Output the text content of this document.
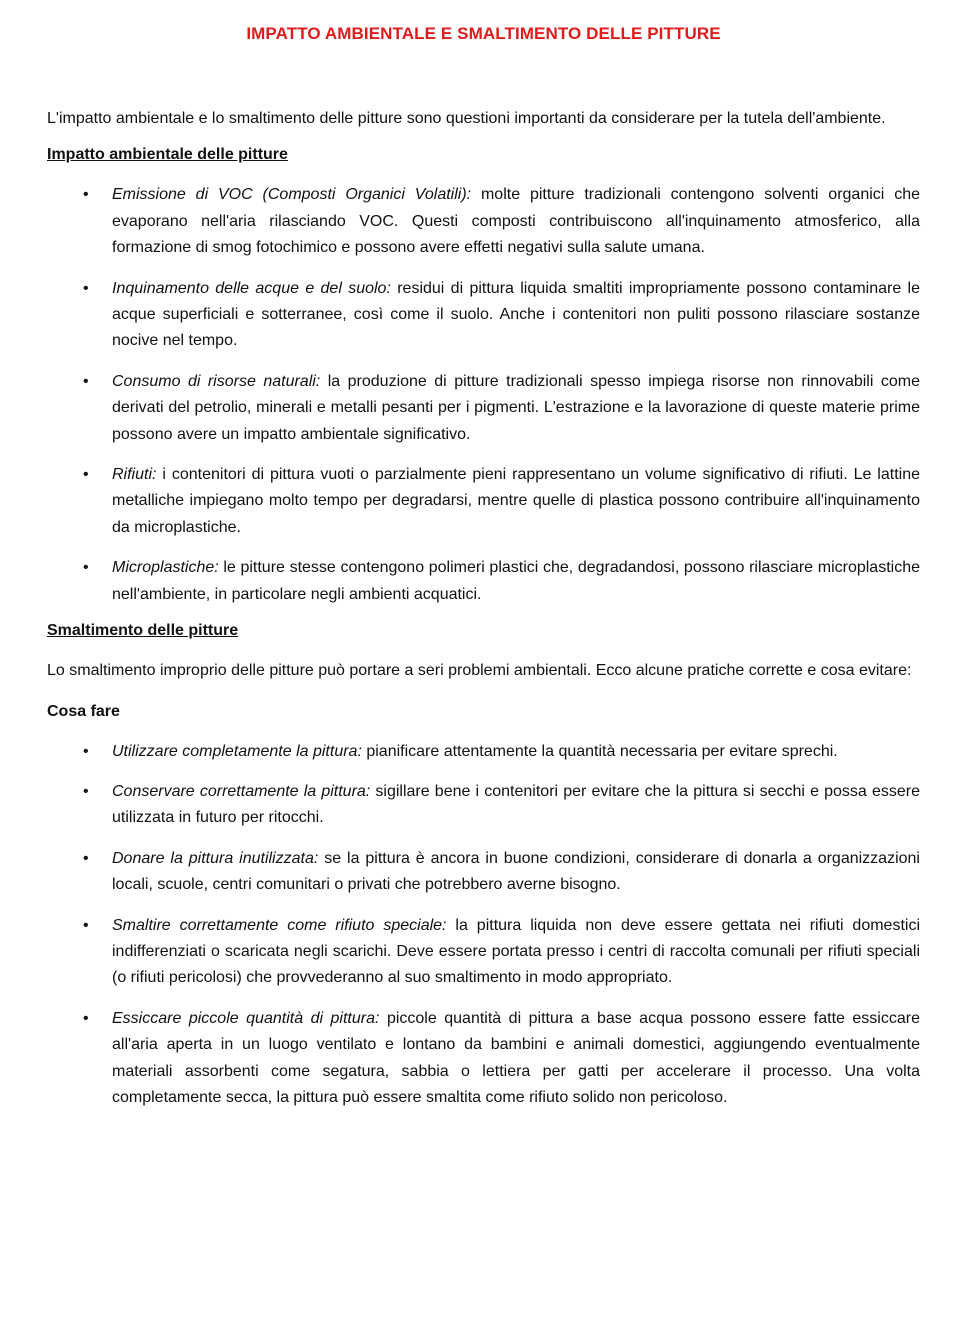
IMPATTO AMBIENTALE E SMALTIMENTO DELLE PITTURE

L'impatto ambientale e lo smaltimento delle pitture sono questioni importanti da considerare per la tutela dell'ambiente.

Impatto ambientale delle pitture
• Emissione di VOC (Composti Organici Volatili): molte pitture tradizionali contengono solventi organici che evaporano nell'aria rilasciando VOC. Questi composti contribuiscono all'inquinamento atmosferico, alla formazione di smog fotochimico e possono avere effetti negativi sulla salute umana.
• Inquinamento delle acque e del suolo: residui di pittura liquida smaltiti impropriamente possono contaminare le acque superficiali e sotterranee, così come il suolo. Anche i contenitori non puliti possono rilasciare sostanze nocive nel tempo.
• Consumo di risorse naturali: la produzione di pitture tradizionali spesso impiega risorse non rinnovabili come derivati del petrolio, minerali e metalli pesanti per i pigmenti. L'estrazione e la lavorazione di queste materie prime possono avere un impatto ambientale significativo.
• Rifiuti: i contenitori di pittura vuoti o parzialmente pieni rappresentano un volume significativo di rifiuti. Le lattine metalliche impiegano molto tempo per degradarsi, mentre quelle di plastica possono contribuire all'inquinamento da microplastiche.
• Microplastiche: le pitture stesse contengono polimeri plastici che, degradandosi, possono rilasciare microplastiche nell'ambiente, in particolare negli ambienti acquatici.
Smaltimento delle pitture

Lo smaltimento improprio delle pitture può portare a seri problemi ambientali. Ecco alcune pratiche corrette e cosa evitare:

Cosa fare
• Utilizzare completamente la pittura: pianificare attentamente la quantità necessaria per evitare sprechi.
• Conservare correttamente la pittura: sigillare bene i contenitori per evitare che la pittura si secchi e possa essere utilizzata in futuro per ritocchi.
• Donare la pittura inutilizzata: se la pittura è ancora in buone condizioni, considerare di donarla a organizzazioni locali, scuole, centri comunitari o privati che potrebbero averne bisogno.
• Smaltire correttamente come rifiuto speciale: la pittura liquida non deve essere gettata nei rifiuti domestici indifferenziati o scaricata negli scarichi. Deve essere portata presso i centri di raccolta comunali per rifiuti speciali (o rifiuti pericolosi) che provvederanno al suo smaltimento in modo appropriato.
• Essiccare piccole quantità di pittura: piccole quantità di pittura a base acqua possono essere fatte essiccare all'aria aperta in un luogo ventilato e lontano da bambini e animali domestici, aggiungendo eventualmente materiali assorbenti come segatura, sabbia o lettiera per gatti per accelerare il processo. Una volta completamente secca, la pittura può essere smaltita come rifiuto solido non pericoloso.
